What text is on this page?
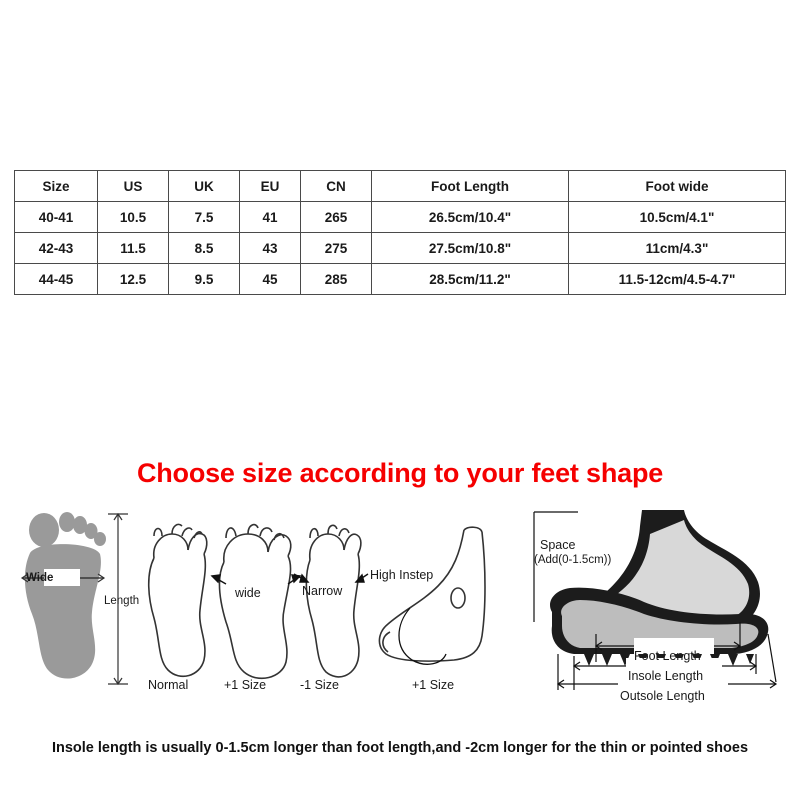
Size	US	UK	EU	CN	Foot Length	Foot wide
40-41	10.5	7.5	41	265	26.5cm/10.4"	10.5cm/4.1"
42-43	11.5	8.5	43	275	27.5cm/10.8"	11cm/4.3"
44-45	12.5	9.5	45	285	28.5cm/11.2"	11.5-12cm/4.5-4.7"
Choose size according to your feet shape
Wide
Length
Normal
wide
+1 Size
Narrow
-1 Size
High Instep
+1 Size
Space
(Add(0-1.5cm))
Foot Length
Insole Length
Outsole Length
Insole length is usually 0-1.5cm longer than foot length,and -2cm longer for the thin or pointed shoes
